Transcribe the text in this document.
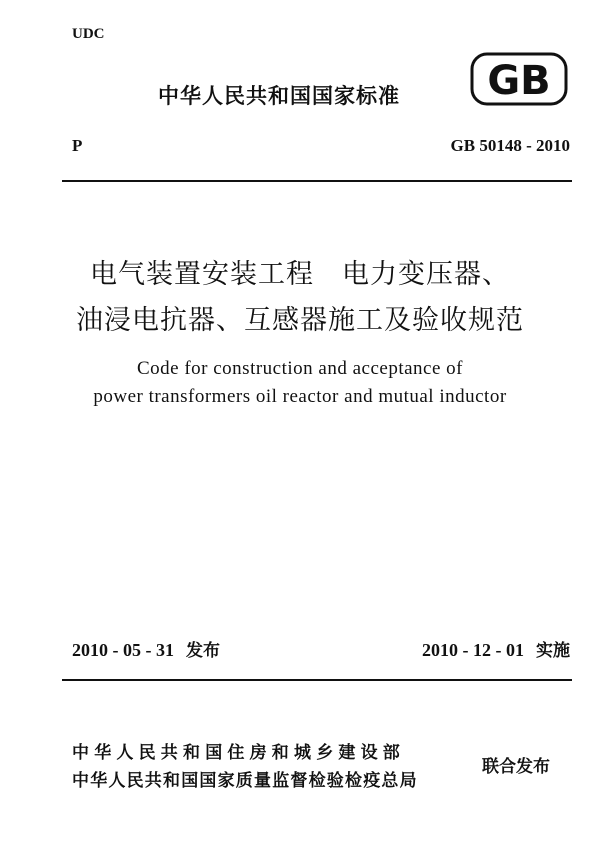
UDC
中华人民共和国国家标准 GB
P	GB 50148 - 2010
电气装置安装工程　电力变压器、
油浸电抗器、互感器施工及验收规范
Code for construction and acceptance of
power transformers oil reactor and mutual inductor
2010 - 05 - 31 发布	2010 - 12 - 01 实施
中华人民共和国住房和城乡建设部
中华人民共和国国家质量监督检验检疫总局
联合发布
